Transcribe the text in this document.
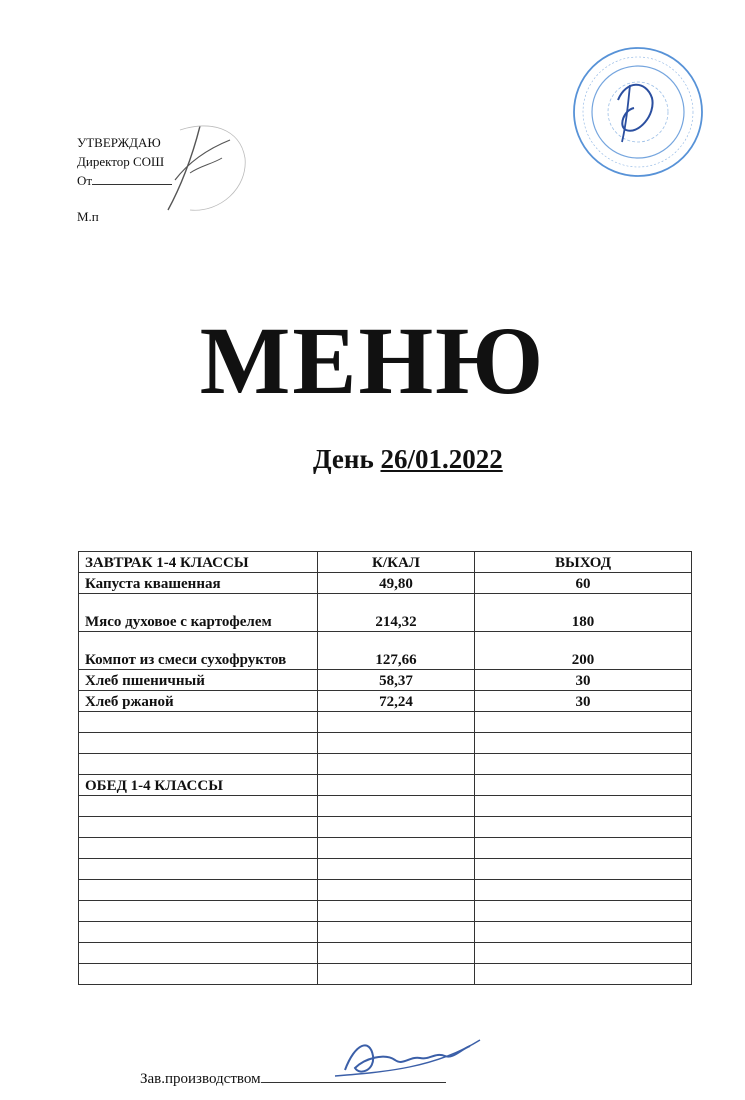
УТВЕРЖДАЮ
Директор СОШ
От
М.п
МЕНЮ
День 26/01.2022
ЗАВТРАК 1-4 КЛАССЫ	К/КАЛ	ВЫХОД
Капуста квашенная	49,80	60
Мясо духовое с картофелем	214,32	180
Компот из смеси сухофруктов	127,66	200
Хлеб пшеничный	58,37	30
Хлеб ржаной	72,24	30

ОБЕД 1-4 КЛАССЫ		

Зав.производством
